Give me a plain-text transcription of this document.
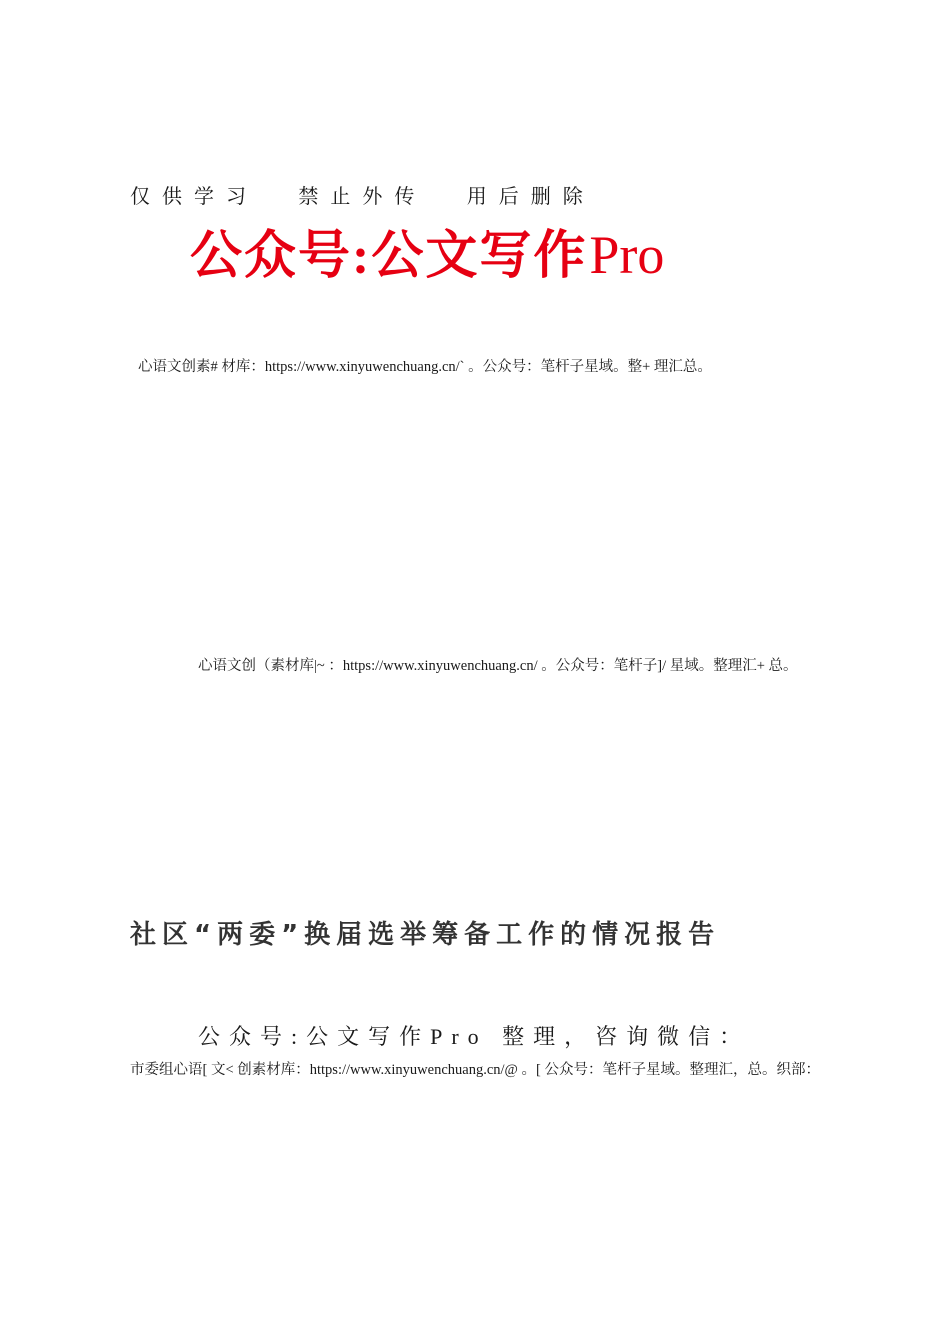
仅供学习 禁止外传 用后删除
公众号:公文写作Pro
心语文创素# 材库：https://www.xinyuwenchuang.cn/` 。公众号：笔杆子星域。整+ 理汇总。
心语文创（素材库|~ ：https://www.xinyuwenchuang.cn/ 。公众号：笔杆子]/ 星域。整理汇+ 总。
社区“两委”换届选举筹备工作的情况报告
公众号:公文写作Pro 整理，咨询微信：
市委组心语[ 文< 创素材库：https://www.xinyuwenchuang.cn/@ 。[ 公众号：笔杆子星域。整理汇，总。织部：
